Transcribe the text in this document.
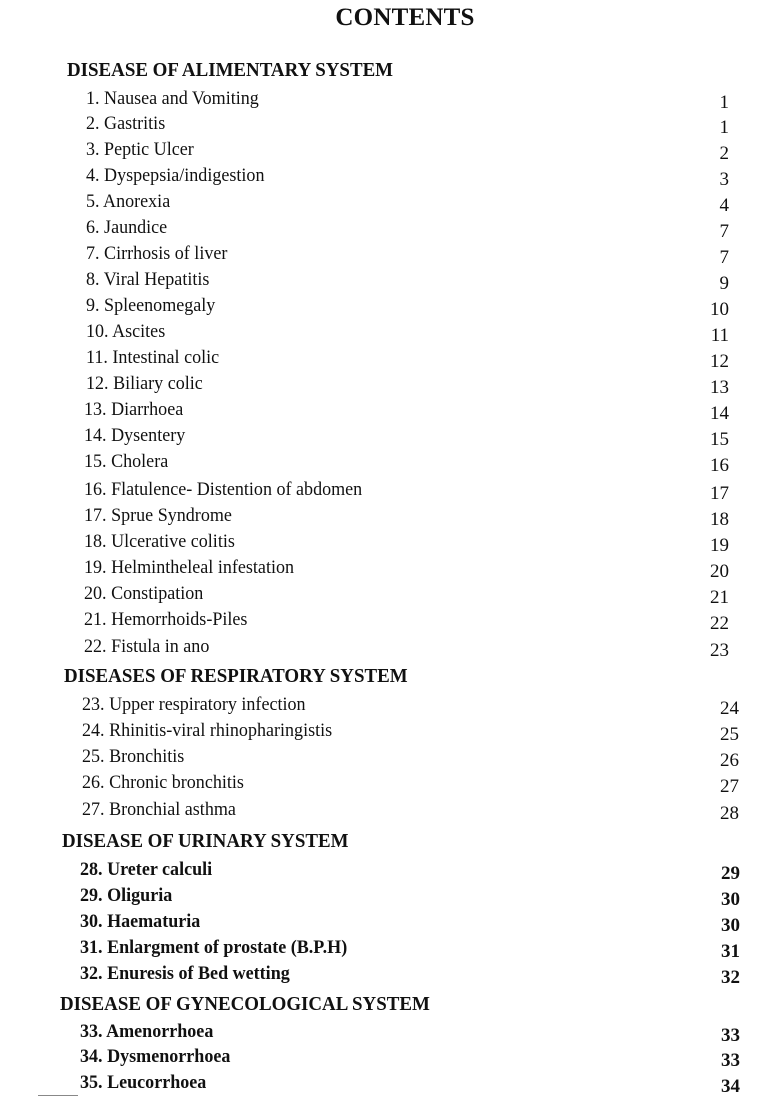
CONTENTS
DISEASE OF ALIMENTARY SYSTEM
1. Nausea and Vomiting	1
2. Gastritis	1
3. Peptic Ulcer	2
4. Dyspepsia/indigestion	3
5. Anorexia	4
6. Jaundice	7
7. Cirrhosis of liver	7
8. Viral Hepatitis	9
9. Spleenomegaly	10
10. Ascites	11
11. Intestinal colic	12
12. Biliary colic	13
13. Diarrhoea	14
14. Dysentery	15
15. Cholera	16
16. Flatulence- Distention of abdomen	17
17. Sprue Syndrome	18
18. Ulcerative colitis	19
19. Helmintheleal infestation	20
20. Constipation	21
21. Hemorrhoids-Piles	22
22. Fistula in ano	23
DISEASES OF RESPIRATORY SYSTEM
23. Upper respiratory infection	24
24. Rhinitis-viral rhinopharingistis	25
25. Bronchitis	26
26. Chronic bronchitis	27
27. Bronchial asthma	28
DISEASE OF URINARY SYSTEM
28. Ureter calculi	29
29. Oliguria	30
30. Haematuria	30
31. Enlargment of prostate (B.P.H)	31
32. Enuresis of Bed wetting	32
DISEASE OF GYNECOLOGICAL SYSTEM
33. Amenorrhoea	33
34. Dysmenorrhoea	33
35. Leucorrhoea	34
